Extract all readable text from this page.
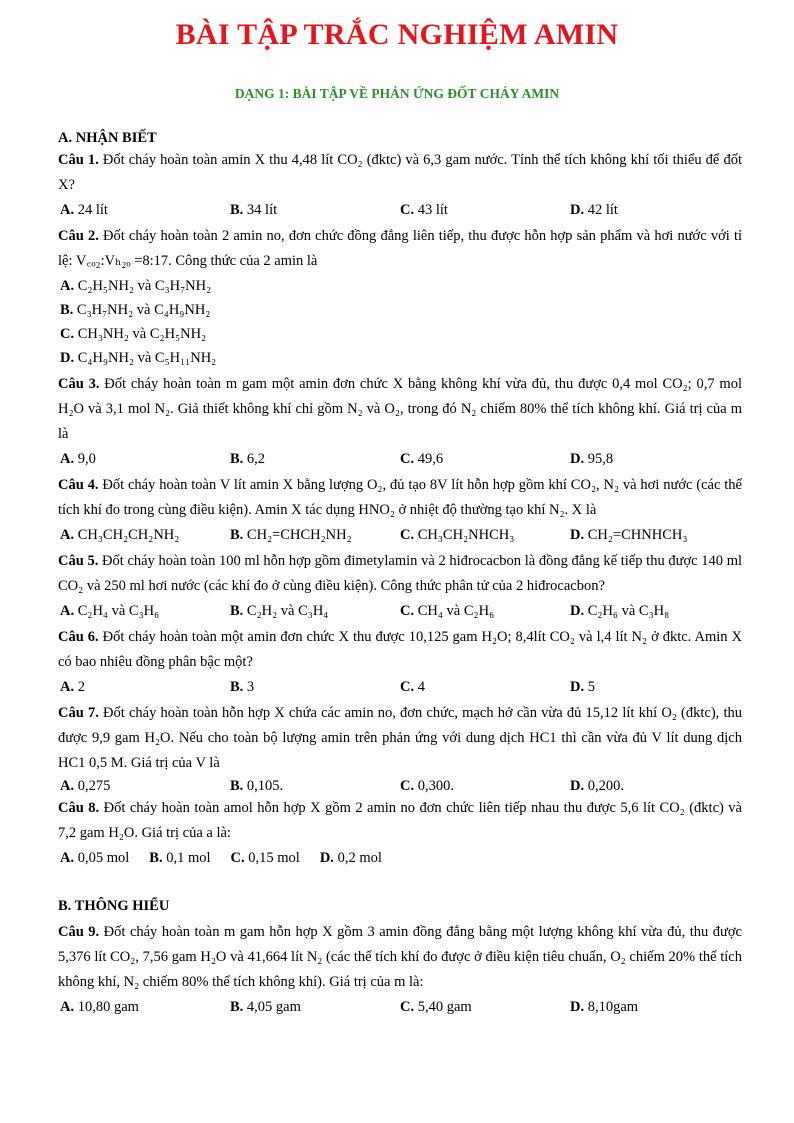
BÀI TẬP TRẮC NGHIỆM AMIN
DẠNG 1: BÀI TẬP VỀ PHẢN ỨNG ĐỐT CHÁY AMIN

A. NHẬN BIẾT

Câu 1. Đốt cháy hoàn toàn amin X thu 4,48 lít CO₂ (đktc) và 6,3 gam nước. Tính thể tích không khí tối thiểu để đốt X?

A. 24 lít	B. 34 lít	C. 43 lít	D. 42 lít

Câu 2. Đốt cháy hoàn toàn 2 amin no, đơn chức đồng đẳng liên tiếp, thu được hỗn hợp sản phẩm và hơi nước với tỉ lệ: V꜀ₒ₂:Vₕ₂ₒ =8:17. Công thức của 2 amin là

A. C₂H₅NH₂ và C₃H₇NH₂
B. C₃H₇NH₂ và C₄H₉NH₂
C. CH₃NH₂ và C₂H₅NH₂
D. C₄H₉NH₂ và C₅H₁₁NH₂

Câu 3. Đốt cháy hoàn toàn m gam một amin đơn chức X bằng không khí vừa đủ, thu được 0,4 mol CO₂; 0,7 mol H₂O và 3,1 mol N₂. Giả thiết không khí chỉ gồm N₂ và O₂, trong đó N₂ chiếm 80% thể tích không khí. Giá trị của m là

A. 9,0	B. 6,2	C. 49,6	D. 95,8

Câu 4. Đốt cháy hoàn toàn V lít amin X bằng lượng O₂, đủ tạo 8V lít hỗn hợp gồm khí CO₂, N₂ và hơi nước (các thể tích khí đo trong cùng điều kiện). Amin X tác dụng HNO₂ ở nhiệt độ thường tạo khí N₂. X là

A. CH₃CH₂CH₂NH₂	B. CH₂=CHCH₂NH₂	C. CH₃CH₂NHCH₃	D. CH₂=CHNHCH₃

Câu 5. Đốt cháy hoàn toàn 100 ml hỗn hợp gồm đimetylamin và 2 hiđrocacbon là đồng đẳng kế tiếp thu được 140 ml CO₂ và 250 ml hơi nước (các khí đo ở cùng điều kiện). Công thức phân tử của 2 hiđrocacbon?

A. C₂H₄ và C₃H₆	B. C₂H₂ và C₃H₄	C. CH₄ và C₂H₆	D. C₂H₆ và C₃H₈

Câu 6. Đốt cháy hoàn toàn một amin đơn chức X thu được 10,125 gam H₂O; 8,4lít CO₂ và l,4 lít N₂ ở đktc. Amin X có bao nhiêu đồng phân bậc một?

A. 2	B. 3	C. 4	D. 5

Câu 7. Đốt cháy hoàn toàn hỗn hợp X chứa các amin no, đơn chức, mạch hở cần vừa đủ 15,12 lít khí O₂ (đktc), thu được 9,9 gam H₂O. Nếu cho toàn bộ lượng amin trên phản ứng với dung dịch HC1 thì cần vừa đủ V lít dung dịch HC1 0,5 M. Giá trị của V là

A. 0,275	B. 0,105.	C. 0,300.	D. 0,200.

Câu 8. Đốt cháy hoàn toàn amol hỗn hợp X gồm 2 amin no đơn chức liên tiếp nhau thu được 5,6 lít CO₂ (đktc) và 7,2 gam H₂O. Giá trị của a là:

A. 0,05 mol B. 0,1 mol C. 0,15 mol D. 0,2 mol

B. THÔNG HIỂU

Câu 9. Đốt cháy hoàn toàn m gam hỗn hợp X gồm 3 amin đồng đẳng bằng một lượng không khí vừa đủ, thu được 5,376 lít CO₂, 7,56 gam H₂O và 41,664 lít N₂ (các thể tích khí đo được ở điều kiện tiêu chuẩn, O₂ chiếm 20% thể tích không khí, N₂ chiếm 80% thể tích không khí). Giá trị của m là:

A. 10,80 gam	B. 4,05 gam	C. 5,40 gam	D. 8,10gam
